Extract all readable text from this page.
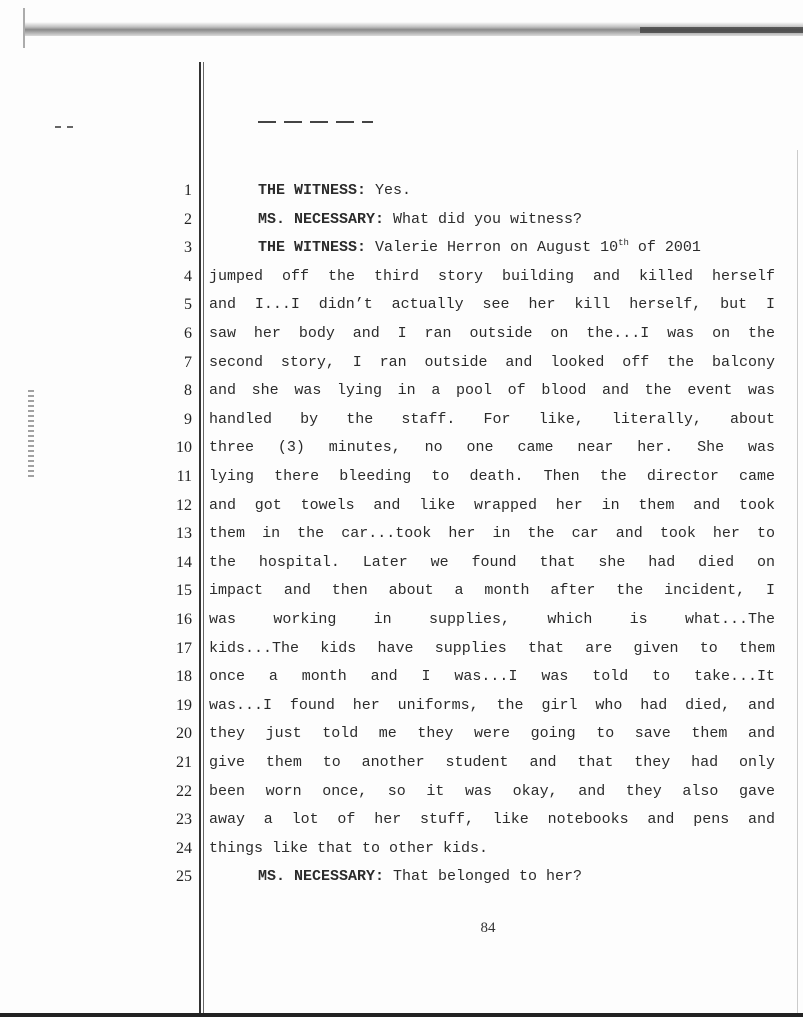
1	THE WITNESS: Yes.
2	MS. NECESSARY: What did you witness?
3	THE WITNESS: Valerie Herron on August 10th of 2001
4 jumped off the third story building and killed herself
5 and I...I didn’t actually see her kill herself, but I
6 saw her body and I ran outside on the...I was on the
7 second story, I ran outside and looked off the balcony
8 and she was lying in a pool of blood and the event was
9 handled by the staff. For like, literally, about
10 three (3) minutes, no one came near her. She was
11 lying there bleeding to death. Then the director came
12 and got towels and like wrapped her in them and took
13 them in the car...took her in the car and took her to
14 the hospital. Later we found that she had died on
15 impact and then about a month after the incident, I
16 was working in supplies, which is what...The
17 kids...The kids have supplies that are given to them
18 once a month and I was...I was told to take...It
19 was...I found her uniforms, the girl who had died, and
20 they just told me they were going to save them and
21 give them to another student and that they had only
22 been worn once, so it was okay, and they also gave
23 away a lot of her stuff, like notebooks and pens and
24 things like that to other kids.
25	MS. NECESSARY: That belonged to her?
84
